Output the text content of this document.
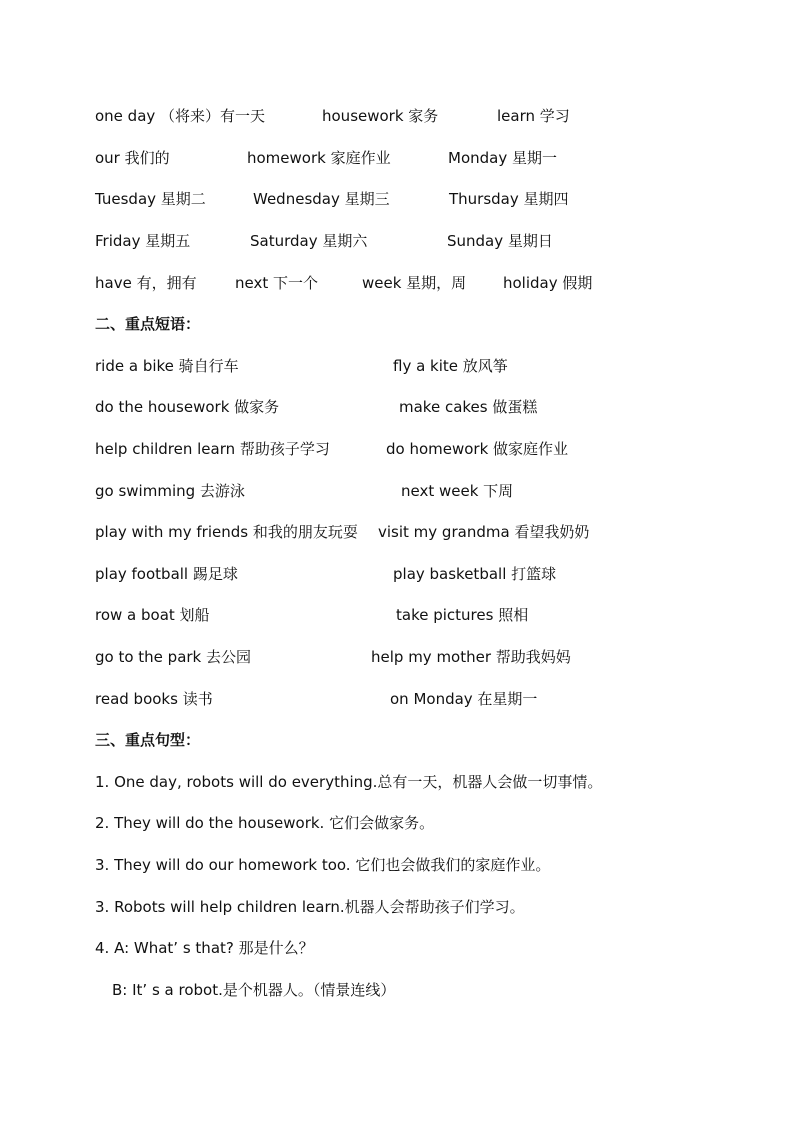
one day （将来）有一天	housework 家务	learn 学习
our 我们的	homework 家庭作业	Monday 星期一
Tuesday 星期二	Wednesday 星期三	Thursday 星期四
Friday 星期五	Saturday 星期六	Sunday 星期日
have 有，拥有	next 下一个	week 星期，周 holiday 假期
二、重点短语：
ride a bike 骑自行车	fly a kite 放风筝
do the housework 做家务	make cakes 做蛋糕
help children learn 帮助孩子学习	do homework 做家庭作业
go swimming 去游泳	next week 下周
play with my friends 和我的朋友玩耍 visit my grandma 看望我奶奶
play football 踢足球	play basketball 打篮球
row a boat 划船	take pictures 照相
go to the park 去公园	help my mother 帮助我妈妈
read books 读书	on Monday 在星期一
三、重点句型：
1. One day, robots will do everything.总有一天，机器人会做一切事情。
2. They will do the housework. 它们会做家务。
3. They will do our homework too. 它们也会做我们的家庭作业。
3. Robots will help children learn.机器人会帮助孩子们学习。
4. A: What’ s that? 那是什么？
B: It’ s a robot.是个机器人。（情景连线）
